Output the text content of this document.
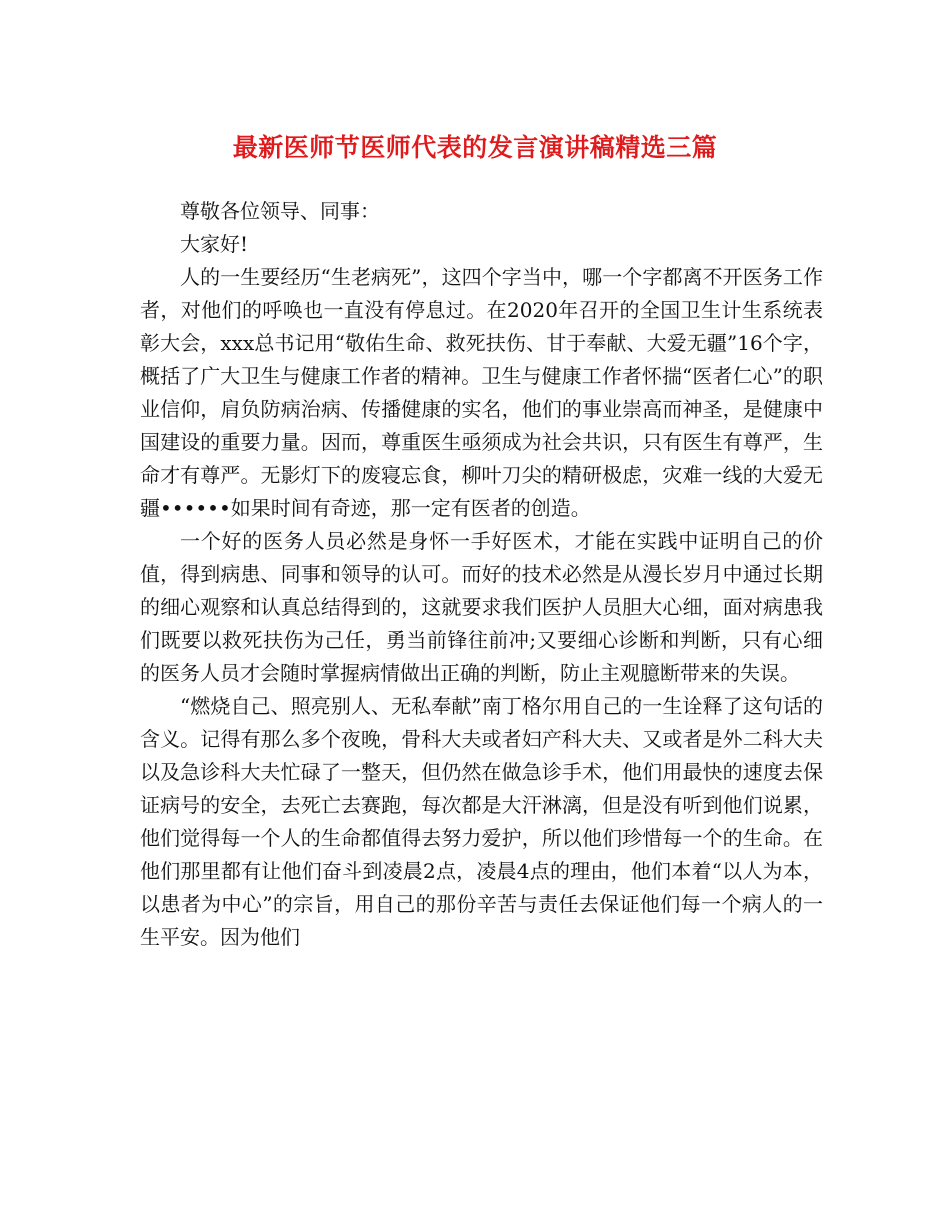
最新医师节医师代表的发言演讲稿精选三篇

尊敬各位领导、同事：

大家好!

人的一生要经历“生老病死”，这四个字当中，哪一个字都离不开医务工作者，对他们的呼唤也一直没有停息过。在2020年召开的全国卫生计生系统表彰大会，xxx总书记用“敬佑生命、救死扶伤、甘于奉献、大爱无疆”16个字，概括了广大卫生与健康工作者的精神。卫生与健康工作者怀揣“医者仁心”的职业信仰，肩负防病治病、传播健康的实名，他们的事业崇高而神圣，是健康中国建设的重要力量。因而，尊重医生亟须成为社会共识，只有医生有尊严，生命才有尊严。无影灯下的废寝忘食，柳叶刀尖的精研极虑，灾难一线的大爱无疆••••••如果时间有奇迹，那一定有医者的创造。

一个好的医务人员必然是身怀一手好医术，才能在实践中证明自己的价值，得到病患、同事和领导的认可。而好的技术必然是从漫长岁月中通过长期的细心观察和认真总结得到的，这就要求我们医护人员胆大心细，面对病患我们既要以救死扶伤为己任，勇当前锋往前冲;又要细心诊断和判断，只有心细的医务人员才会随时掌握病情做出正确的判断，防止主观臆断带来的失误。

“燃烧自己、照亮别人、无私奉献”南丁格尔用自己的一生诠释了这句话的含义。记得有那么多个夜晚，骨科大夫或者妇产科大夫、又或者是外二科大夫以及急诊科大夫忙碌了一整天，但仍然在做急诊手术，他们用最快的速度去保证病号的安全，去死亡去赛跑，每次都是大汗淋漓，但是没有听到他们说累，他们觉得每一个人的生命都值得去努力爱护，所以他们珍惜每一个的生命。在他们那里都有让他们奋斗到凌晨2点，凌晨4点的理由，他们本着“以人为本，以患者为中心”的宗旨，用自己的那份辛苦与责任去保证他们每一个病人的一生平安。因为他们
